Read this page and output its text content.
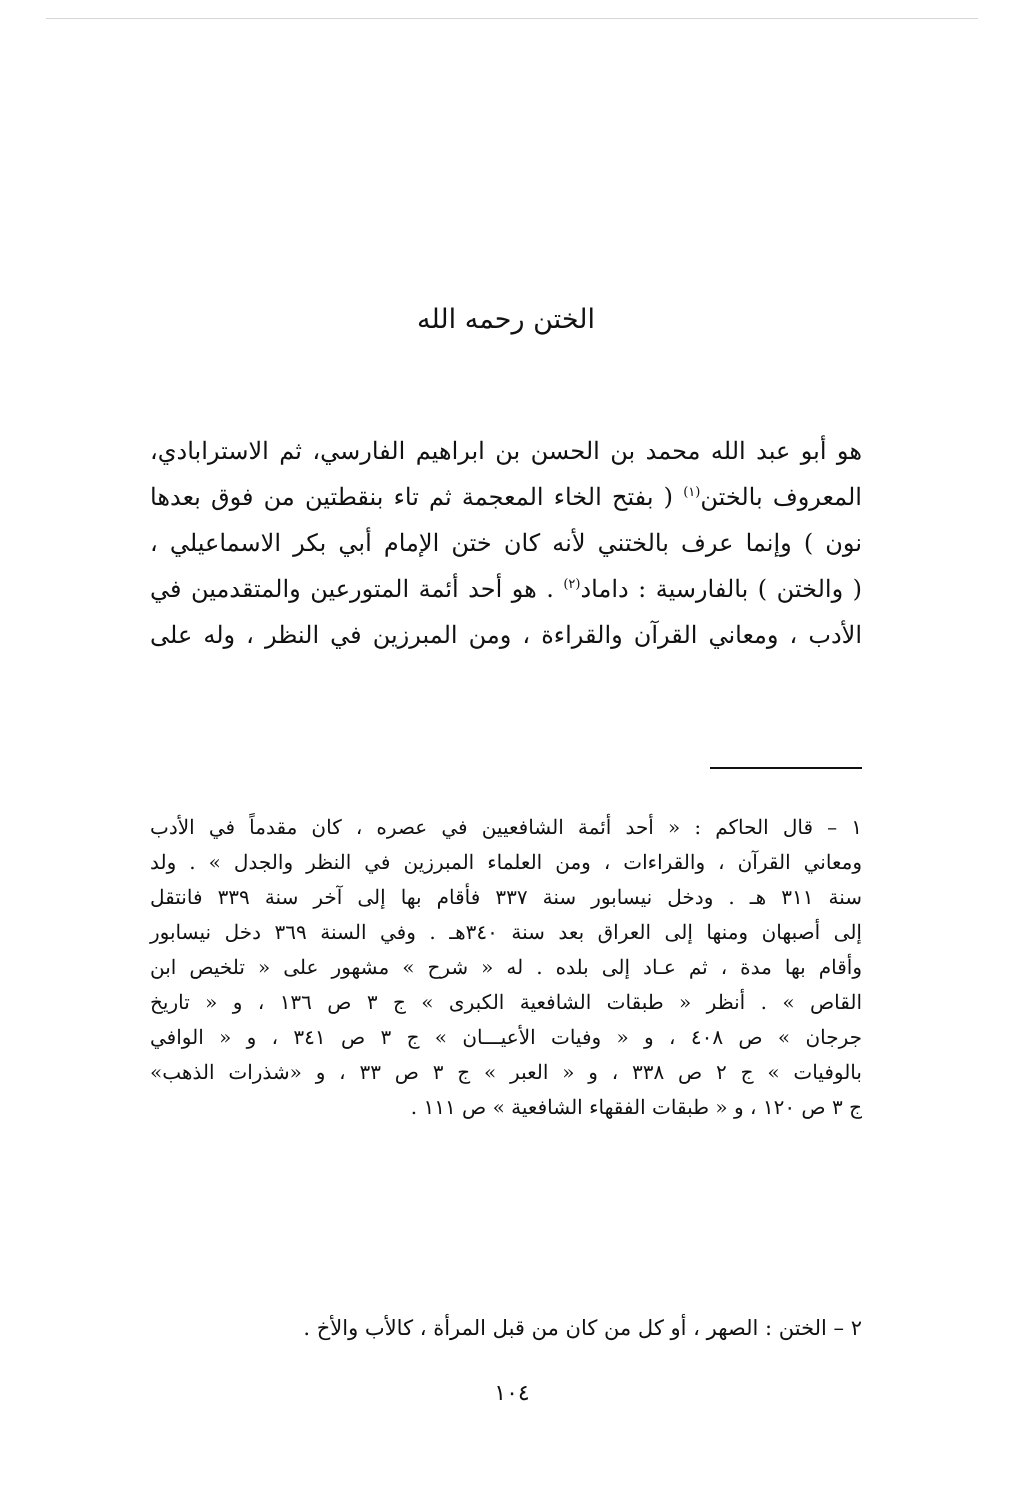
الختن رحمه الله
هو أبو عبد الله محمد بن الحسن بن ابراهيم الفارسي، ثم الاسترابادي،
المعروف بالختن$^{(١)}$ ( بفتح الخاء المعجمة ثم تاء بنقطتين من فوق بعدها
نون ) وإنما عرف بالختني لأنه كان ختن الإمام أبي بكر الاسماعيلي ،
( والختن ) بالفارسية : داماد$^{(٢)}$ . هو أحد أئمة المتورعين والمتقدمين في
الأدب ، ومعاني القرآن والقراءة ، ومن المبرزين في النظر ، وله على
١ – قال الحاكم : « أحد أئمة الشافعيين في عصره ، كان مقدماً في الأدب
ومعاني القرآن ، والقراءات ، ومن العلماء المبرزين في النظر والجدل » . ولد
سنة ٣١١ هـ . ودخل نيسابور سنة ٣٣٧ فأقام بها إلى آخر سنة ٣٣٩ فانتقل
إلى أصبهان ومنها إلى العراق بعد سنة ٣٤٠هـ . وفي السنة ٣٦٩ دخل نيسابور
وأقام بها مدة ، ثم عـاد إلى بلده . له « شرح » مشهور على « تلخيص ابن
القاص » . أنظر « طبقات الشافعية الكبرى » ج ٣ ص ١٣٦ ، و « تاريخ
جرجان » ص ٤٠٨ ، و « وفيات الأعيـــان » ج ٣ ص ٣٤١ ، و « الوافي
بالوفيات » ج ٢ ص ٣٣٨ ، و « العبر » ج ٣ ص ٣٣ ، و «شذرات الذهب»
ج ٣ ص ١٢٠ ، و « طبقات الفقهاء الشافعية » ص ١١١ .
٢ – الختن : الصهر ، أو كل من كان من قبل المرأة ، كالأب والأخ .
١٠٤
